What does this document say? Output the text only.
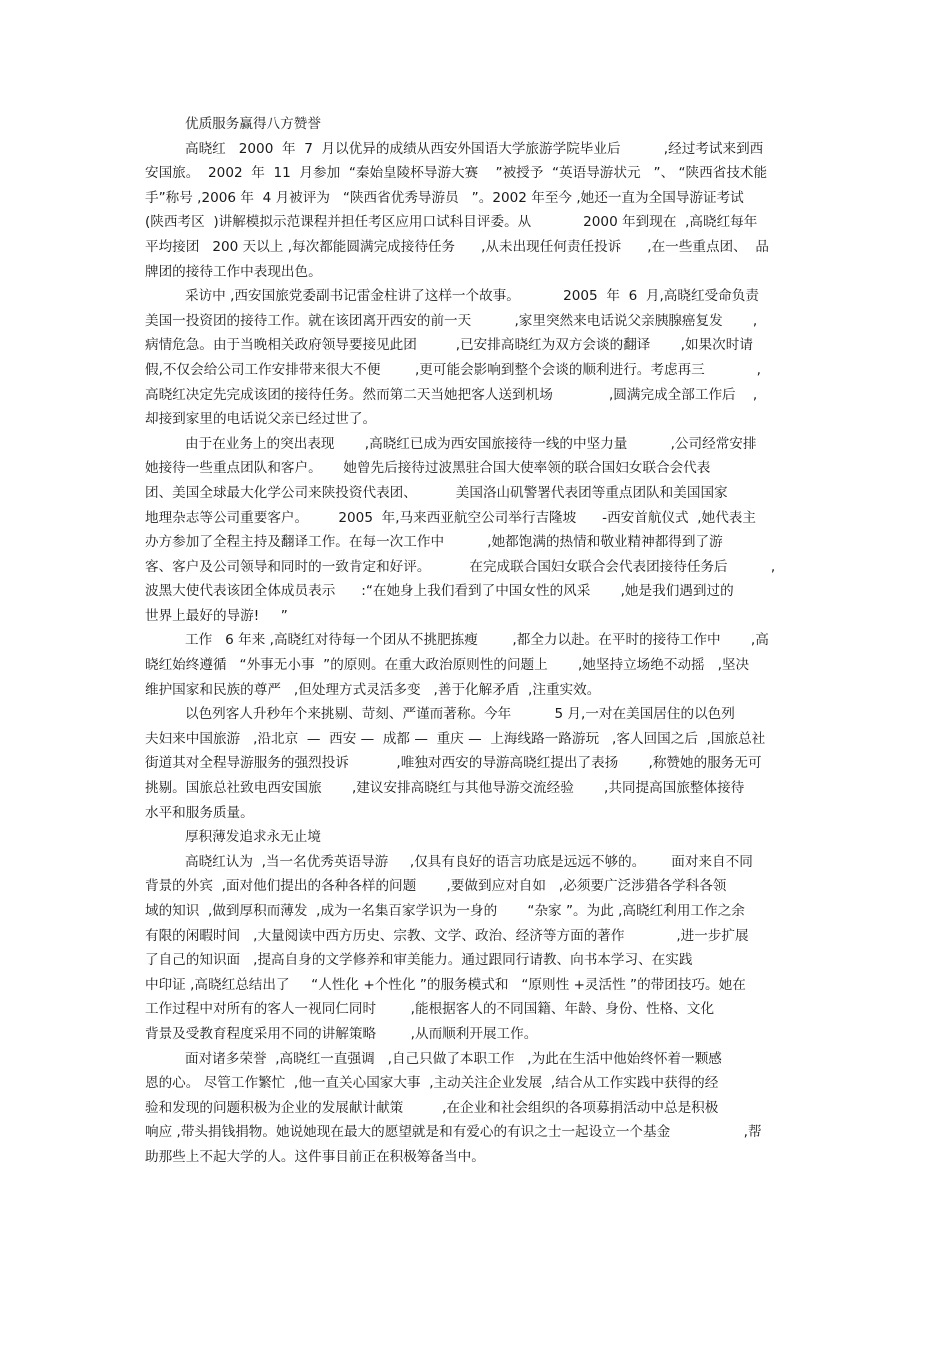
优质服务赢得八方赞誉
高晓红   2000  年  7  月以优异的成绩从西安外国语大学旅游学院毕业后          ,经过考试来到西
安国旅。  2002  年  11  月参加  “秦始皇陵杯导游大赛    ”被授予  “英语导游状元   ”、 “陕西省技术能
手”称号 ,2006 年  4 月被评为   “陕西省优秀导游员   ”。2002 年至今 ,她还一直为全国导游证考试
(陕西考区  )讲解模拟示范课程并担任考区应用口试科目评委。从            2000 年到现在  ,高晓红每年
平均接团   200 天以上 ,每次都能圆满完成接待任务      ,从未出现任何责任投诉      ,在一些重点团、  品
牌团的接待工作中表现出色。
采访中 ,西安国旅党委副书记雷金柱讲了这样一个故事。          2005  年  6  月,高晓红受命负责
美国一投资团的接待工作。就在该团离开西安的前一天          ,家里突然来电话说父亲胰腺癌复发       ,
病情危急。由于当晚相关政府领导要接见此团         ,已安排高晓红为双方会谈的翻译       ,如果次时请
假,不仅会给公司工作安排带来很大不便        ,更可能会影响到整个会谈的顺利进行。考虑再三            ,
高晓红决定先完成该团的接待任务。然而第二天当她把客人送到机场             ,圆满完成全部工作后    ,
却接到家里的电话说父亲已经过世了。
由于在业务上的突出表现       ,高晓红已成为西安国旅接待一线的中坚力量          ,公司经常安排
她接待一些重点团队和客户。     她曾先后接待过波黑驻合国大使率领的联合国妇女联合会代表
团、美国全球最大化学公司来陕投资代表团、         美国洛山矶警署代表团等重点团队和美国国家
地理杂志等公司重要客户。       2005  年,马来西亚航空公司举行吉隆坡      -西安首航仪式  ,她代表主
办方参加了全程主持及翻译工作。在每一次工作中          ,她都饱满的热情和敬业精神都得到了游
客、客户及公司领导和同时的一致肯定和好评。         在完成联合国妇女联合会代表团接待任务后          ,
波黑大使代表该团全体成员表示      :“在她身上我们看到了中国女性的风采       ,她是我们遇到过的
世界上最好的导游!     ”
工作   6 年来 ,高晓红对待每一个团从不挑肥拣瘦        ,都全力以赴。在平时的接待工作中       ,高
晓红始终遵循   “外事无小事  ”的原则。在重大政治原则性的问题上       ,她坚持立场绝不动摇   ,坚决
维护国家和民族的尊严   ,但处理方式灵活多变   ,善于化解矛盾  ,注重实效。
以色列客人升秒年个来挑剔、苛刻、严谨而著称。今年          5 月,一对在美国居住的以色列
夫妇来中国旅游   ,沿北京  —  西安 —  成都 —  重庆 —  上海线路一路游玩   ,客人回国之后  ,国旅总社
街道其对全程导游服务的强烈投诉           ,唯独对西安的导游高晓红提出了表扬       ,称赞她的服务无可
挑剔。国旅总社致电西安国旅       ,建议安排高晓红与其他导游交流经验       ,共同提高国旅整体接待
水平和服务质量。
厚积薄发追求永无止境
高晓红认为  ,当一名优秀英语导游     ,仅具有良好的语言功底是远远不够的。      面对来自不同
背景的外宾  ,面对他们提出的各种各样的问题       ,要做到应对自如   ,必须要广泛涉猎各学科各领
域的知识  ,做到厚积而薄发  ,成为一名集百家学识为一身的       “杂家 ”。为此 ,高晓红利用工作之余
有限的闲暇时间   ,大量阅读中西方历史、宗教、文学、政治、经济等方面的著作            ,进一步扩展
了自己的知识面   ,提高自身的文学修养和审美能力。通过跟同行请教、向书本学习、在实践
中印证 ,高晓红总结出了     “人性化 +个性化 ”的服务模式和   “原则性 +灵活性 ”的带团技巧。她在
工作过程中对所有的客人一视同仁同时        ,能根据客人的不同国籍、年龄、身份、性格、文化
背景及受教育程度采用不同的讲解策略        ,从而顺利开展工作。
面对诸多荣誉  ,高晓红一直强调   ,自己只做了本职工作   ,为此在生活中他始终怀着一颗感
恩的心。 尽管工作繁忙  ,他一直关心国家大事  ,主动关注企业发展  ,结合从工作实践中获得的经
验和发现的问题积极为企业的发展献计献策         ,在企业和社会组织的各项募捐活动中总是积极
响应 ,带头捐钱捐物。她说她现在最大的愿望就是和有爱心的有识之士一起设立一个基金                 ,帮
助那些上不起大学的人。这件事目前正在积极筹备当中。
